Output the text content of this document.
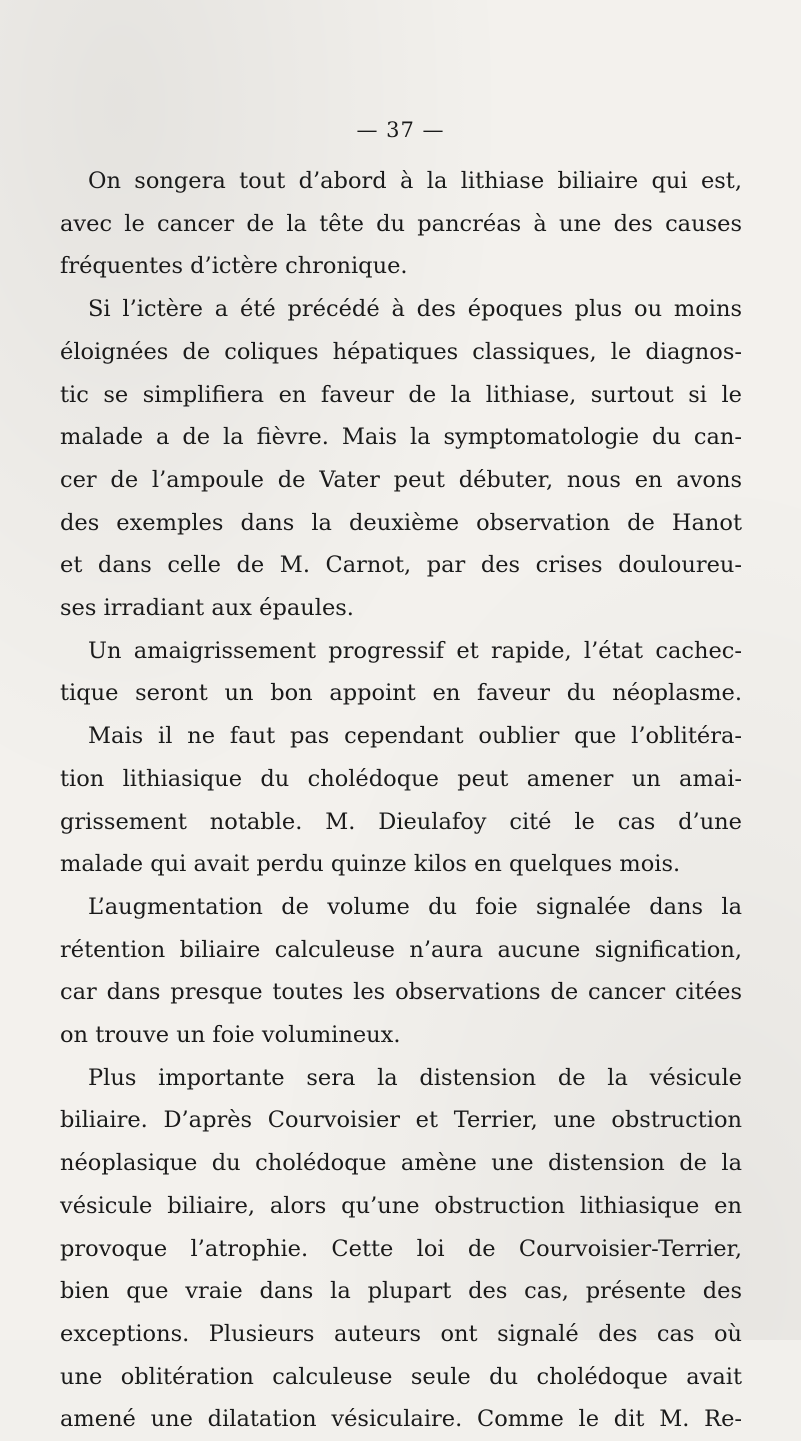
— 37 —
On songera tout d’abord à la lithiase biliaire qui est,
avec le cancer de la tête du pancréas à une des causes
fréquentes d’ictère chronique.
Si l’ictère a été précédé à des époques plus ou moins
éloignées de coliques hépatiques classiques, le diagnos-
tic se simplifiera en faveur de la lithiase, surtout si le
malade a de la fièvre. Mais la symptomatologie du can-
cer de l’ampoule de Vater peut débuter, nous en avons
des exemples dans la deuxième observation de Hanot
et dans celle de M. Carnot, par des crises douloureu-
ses irradiant aux épaules.
Un amaigrissement progressif et rapide, l’état cachec-
tique seront un bon appoint en faveur du néoplasme.
Mais il ne faut pas cependant oublier que l’oblitéra-
tion lithiasique du cholédoque peut amener un amai-
grissement notable. M. Dieulafoy cité le cas d’une
malade qui avait perdu quinze kilos en quelques mois.
L’augmentation de volume du foie signalée dans la
rétention biliaire calculeuse n’aura aucune signification,
car dans presque toutes les observations de cancer citées
on trouve un foie volumineux.
Plus importante sera la distension de la vésicule
biliaire. D’après Courvoisier et Terrier, une obstruction
néoplasique du cholédoque amène une distension de la
vésicule biliaire, alors qu’une obstruction lithiasique en
provoque l’atrophie. Cette loi de Courvoisier-Terrier,
bien que vraie dans la plupart des cas, présente des
exceptions. Plusieurs auteurs ont signalé des cas où
une oblitération calculeuse seule du cholédoque avait
amené une dilatation vésiculaire. Comme le dit M. Re-
